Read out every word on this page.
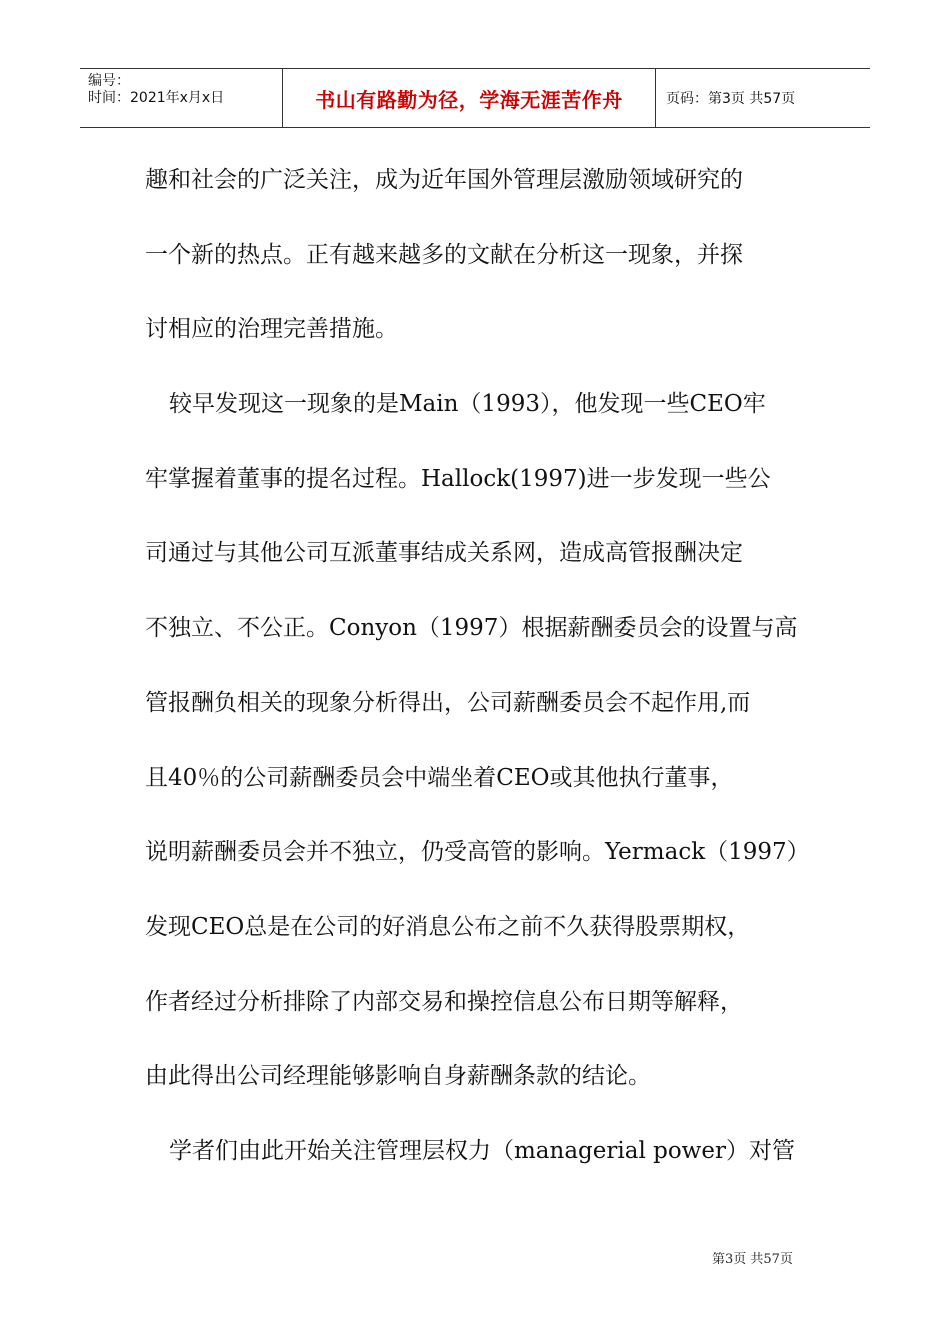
编号：
时间：2021年x月x日	书山有路勤为径，学海无涯苦作舟	页码：第3页 共57页
趣和社会的广泛关注，成为近年国外管理层激励领域研究的
一个新的热点。正有越来越多的文献在分析这一现象，并探
讨相应的治理完善措施。
较早发现这一现象的是Main（1993），他发现一些CEO牢
牢掌握着董事的提名过程。Hallock(1997)进一步发现一些公
司通过与其他公司互派董事结成关系网，造成高管报酬决定
不独立、不公正。Conyon（1997）根据薪酬委员会的设置与高
管报酬负相关的现象分析得出，公司薪酬委员会不起作用,而
且40％的公司薪酬委员会中端坐着CEO或其他执行董事，
说明薪酬委员会并不独立，仍受高管的影响。Yermack（1997）
发现CEO总是在公司的好消息公布之前不久获得股票期权，
作者经过分析排除了内部交易和操控信息公布日期等解释，
由此得出公司经理能够影响自身薪酬条款的结论。
学者们由此开始关注管理层权力（managerial power）对管
第3页 共57页
